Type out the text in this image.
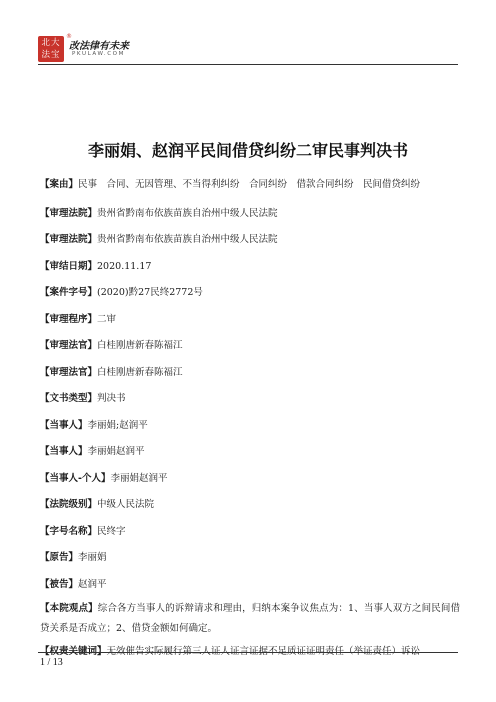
北大
法宝
®
改法律有未来
PKULAW.COM
李丽娟、赵润平民间借贷纠纷二审民事判决书
【案由】民事　合同、无因管理、不当得利纠纷　合同纠纷　借款合同纠纷　民间借贷纠纷
【审理法院】贵州省黔南布依族苗族自治州中级人民法院
【审理法院】贵州省黔南布依族苗族自治州中级人民法院
【审结日期】2020.11.17
【案件字号】(2020)黔27民终2772号
【审理程序】二审
【审理法官】白桂刚唐新春陈福江
【审理法官】白桂刚唐新春陈福江
【文书类型】判决书
【当事人】李丽娟;赵润平
【当事人】李丽娟赵润平
【当事人-个人】李丽娟赵润平
【法院级别】中级人民法院
【字号名称】民终字
【原告】李丽娟
【被告】赵润平
【本院观点】综合各方当事人的诉辩请求和理由，归纳本案争议焦点为：1、当事人双方之间民间借贷关系是否成立；2、借贷金额如何确定。
【权责关键词】无效催告实际履行第三人证人证言证据不足质证证明责任（举证责任）诉讼
1 / 13
